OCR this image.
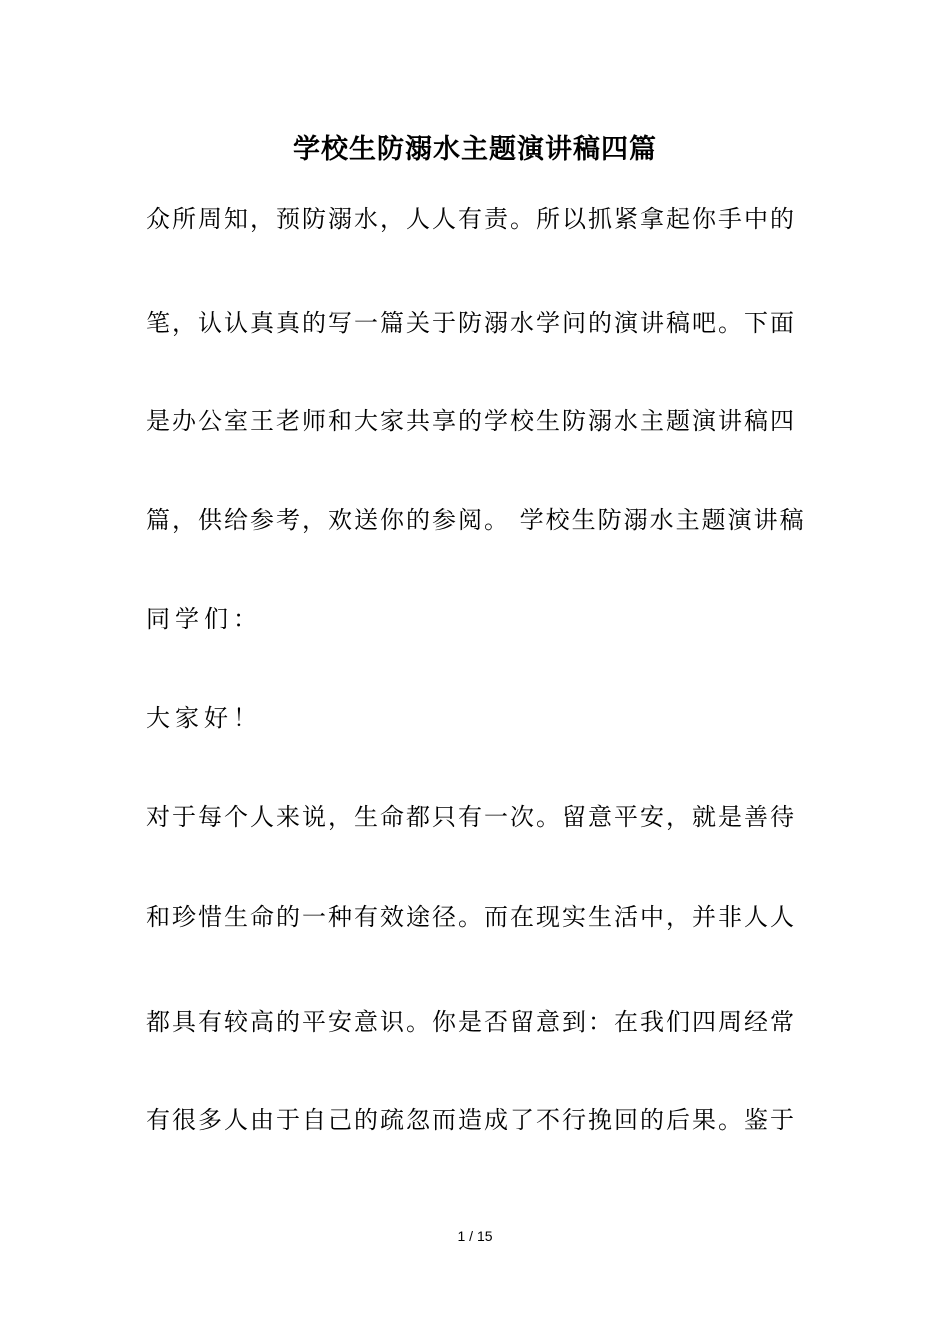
学校生防溺水主题演讲稿四篇
众所周知，预防溺水，人人有责。所以抓紧拿起你手中的
笔，认认真真的写一篇关于防溺水学问的演讲稿吧。下面
是办公室王老师和大家共享的学校生防溺水主题演讲稿四
篇，供给参考，欢送你的参阅。 学校生防溺水主题演讲稿
同学们：
大家好！
对于每个人来说，生命都只有一次。留意平安，就是善待
和珍惜生命的一种有效途径。而在现实生活中，并非人人
都具有较高的平安意识。你是否留意到：在我们四周经常
有很多人由于自己的疏忽而造成了不行挽回的后果。鉴于
1 / 15
